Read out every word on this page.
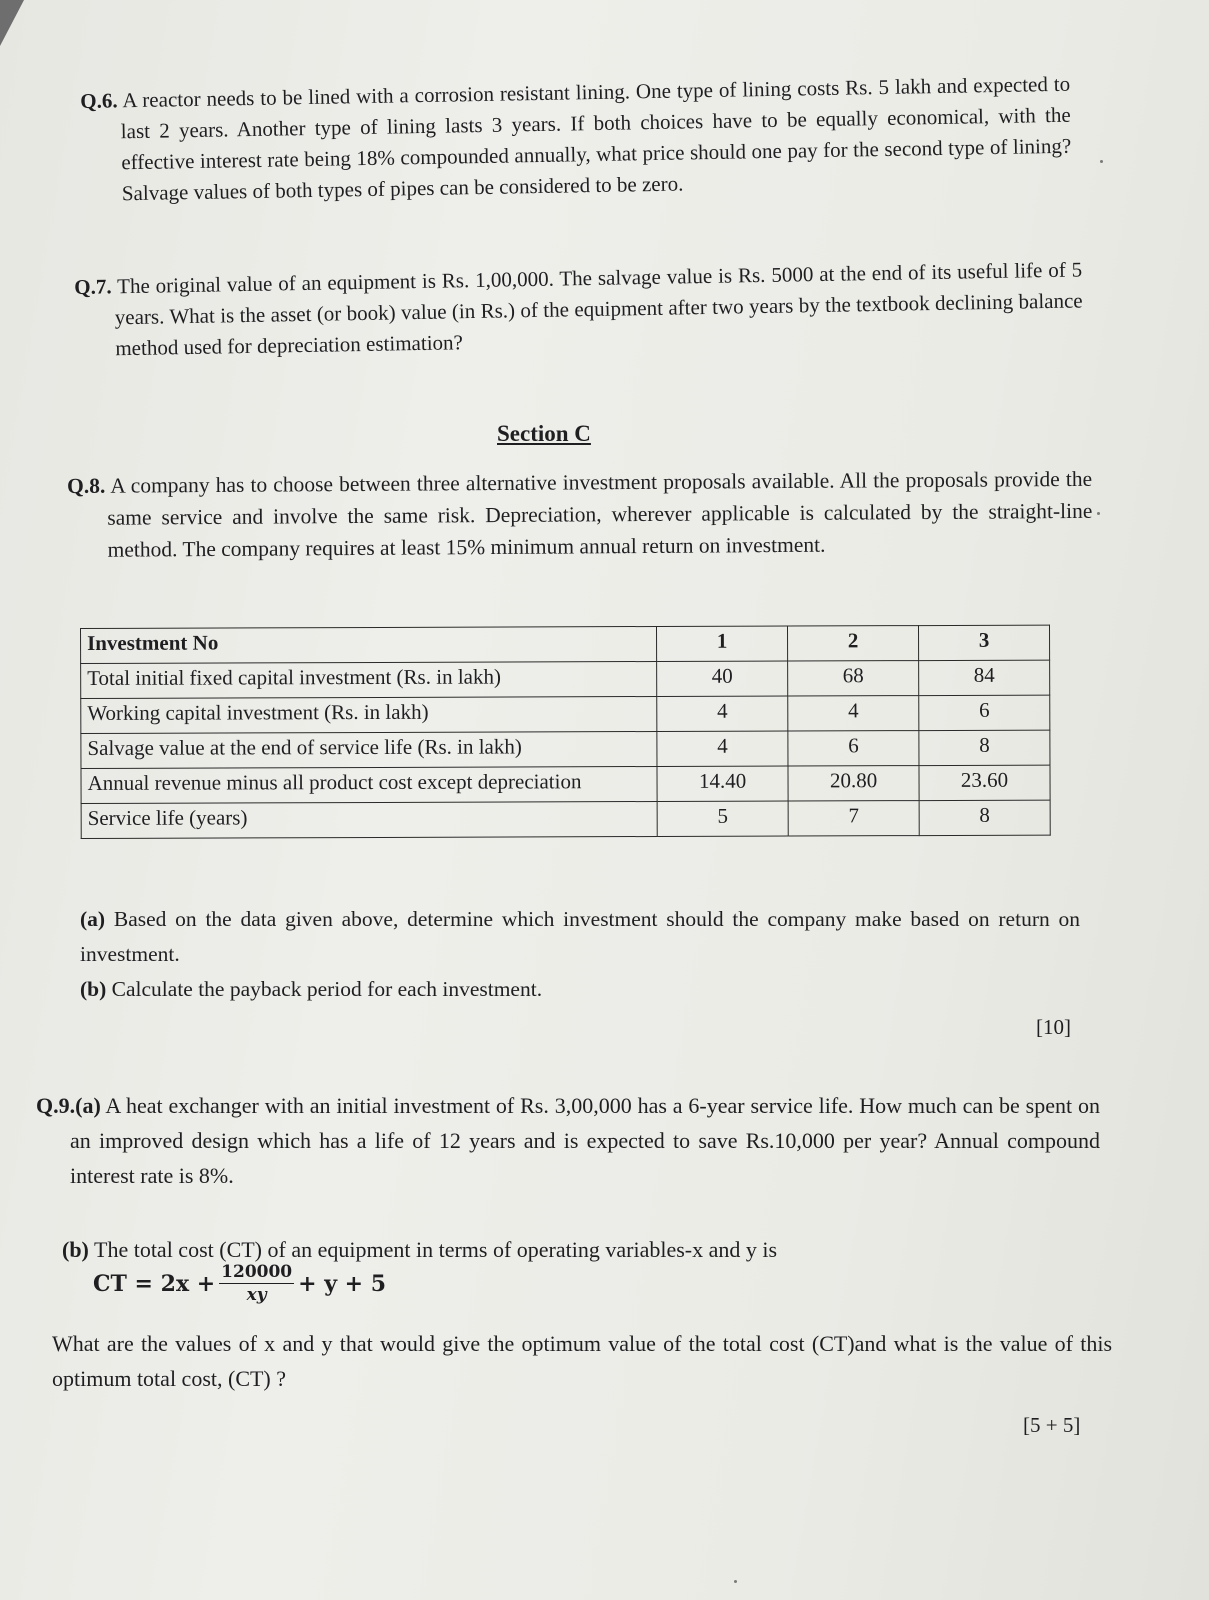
Q.6. A reactor needs to be lined with a corrosion resistant lining. One type of lining costs Rs. 5 lakh and expected to last 2 years. Another type of lining lasts 3 years. If both choices have to be equally economical, with the effective interest rate being 18% compounded annually, what price should one pay for the second type of lining? Salvage values of both types of pipes can be considered to be zero.
Q.7. The original value of an equipment is Rs. 1,00,000. The salvage value is Rs. 5000 at the end of its useful life of 5 years. What is the asset (or book) value (in Rs.) of the equipment after two years by the textbook declining balance method used for depreciation estimation?
Section C
Q.8. A company has to choose between three alternative investment proposals available. All the proposals provide the same service and involve the same risk. Depreciation, wherever applicable is calculated by the straight-line method. The company requires at least 15% minimum annual return on investment.
Investment No	1	2	3
Total initial fixed capital investment (Rs. in lakh)	40	68	84
Working capital investment (Rs. in lakh)	4	4	6
Salvage value at the end of service life (Rs. in lakh)	4	6	8
Annual revenue minus all product cost except depreciation	14.40	20.80	23.60
Service life (years)	5	7	8

(a) Based on the data given above, determine which investment should the company make based on return on investment.

(b) Calculate the payback period for each investment.

[10]
Q.9.(a) A heat exchanger with an initial investment of Rs. 3,00,000 has a 6-year service life. How much can be spent on an improved design which has a life of 12 years and is expected to save Rs.10,000 per year? Annual compound interest rate is 8%.
(b) The total cost (CT) of an equipment in terms of operating variables-x and y is
CT = $2x + \frac{120000}{xy} + y + 5$
What are the values of x and y that would give the optimum value of the total cost (CT)and what is the value of this optimum total cost, (CT) ?
[5 + 5]
